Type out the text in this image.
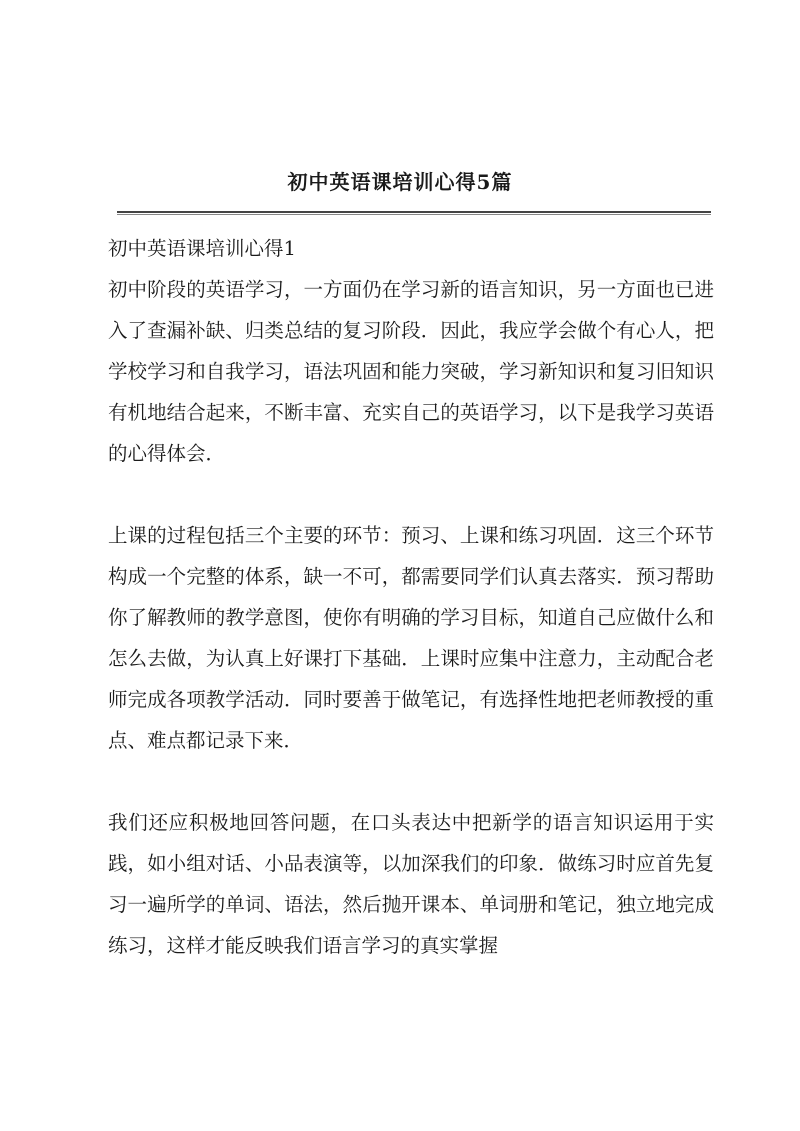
初中英语课培训心得5篇

初中英语课培训心得1

初中阶段的英语学习，一方面仍在学习新的语言知识，另一方面也已进入了查漏补缺、归类总结的复习阶段．因此，我应学会做个有心人，把学校学习和自我学习，语法巩固和能力突破，学习新知识和复习旧知识有机地结合起来，不断丰富、充实自己的英语学习，以下是我学习英语的心得体会．

上课的过程包括三个主要的环节：预习、上课和练习巩固．这三个环节构成一个完整的体系，缺一不可，都需要同学们认真去落实．预习帮助你了解教师的教学意图，使你有明确的学习目标，知道自己应做什么和怎么去做，为认真上好课打下基础．上课时应集中注意力，主动配合老师完成各项教学活动．同时要善于做笔记，有选择性地把老师教授的重点、难点都记录下来．

我们还应积极地回答问题，在口头表达中把新学的语言知识运用于实践，如小组对话、小品表演等，以加深我们的印象．做练习时应首先复习一遍所学的单词、语法，然后抛开课本、单词册和笔记，独立地完成练习，这样才能反映我们语言学习的真实掌握
